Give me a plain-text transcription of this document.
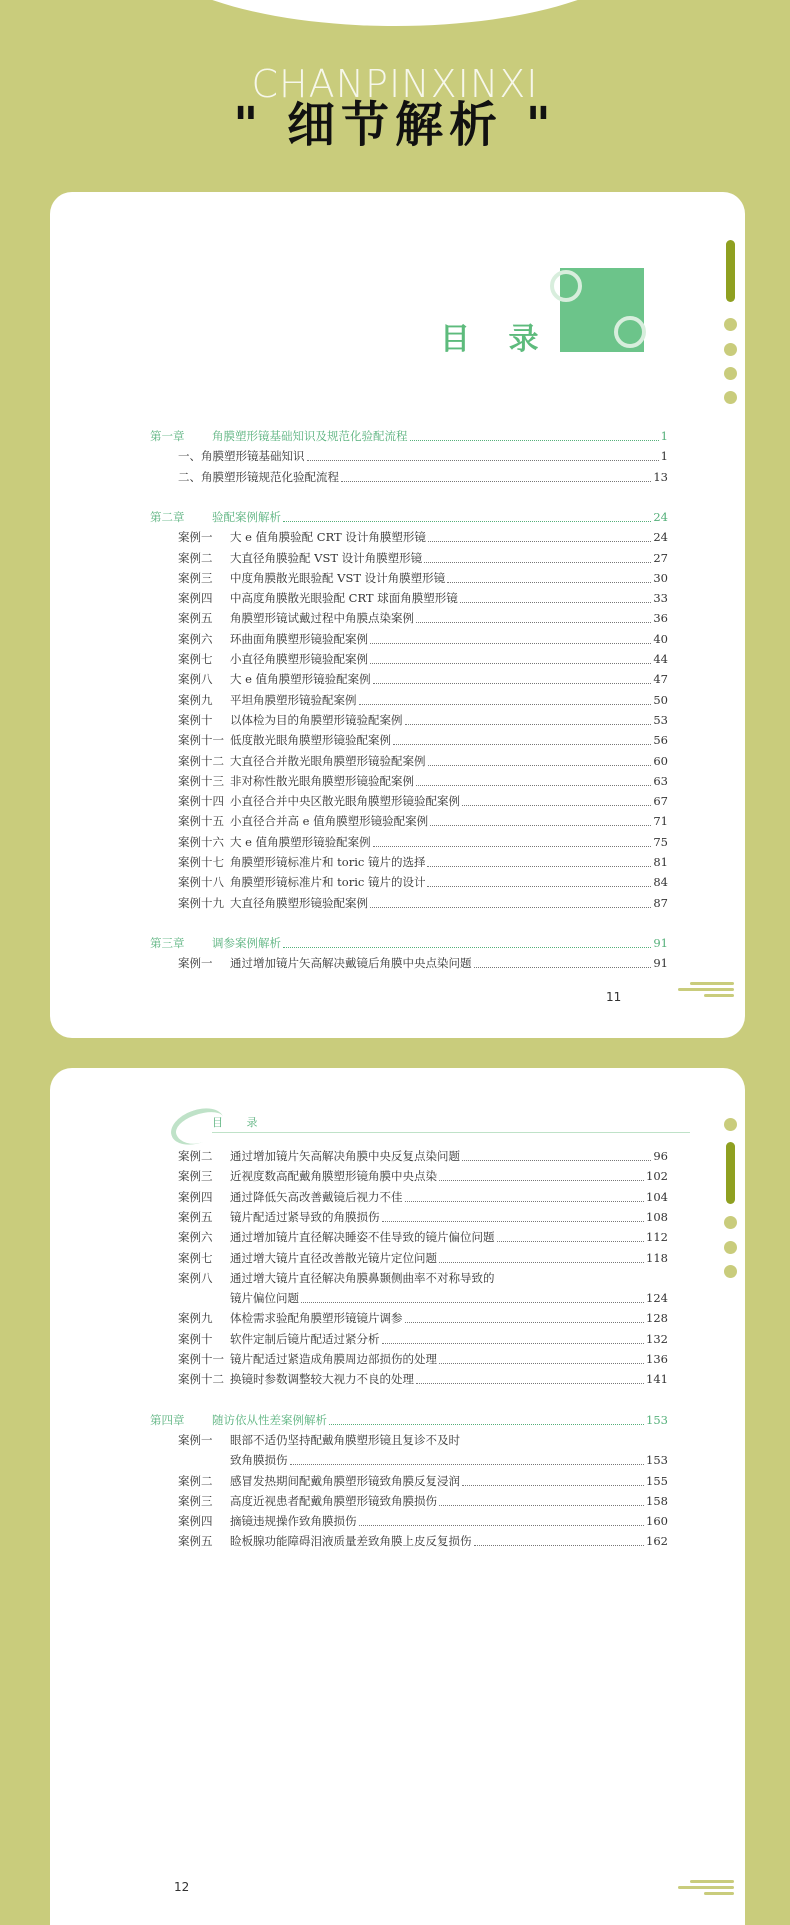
CHANPINXINXI
" 细节解析 "
目 录
第一章 角膜塑形镜基础知识及规范化验配流程	1
一、角膜塑形镜基础知识	1
二、角膜塑形镜规范化验配流程	13
第二章 验配案例解析	24
案例一 大 e 值角膜验配 CRT 设计角膜塑形镜	24
案例二 大直径角膜验配 VST 设计角膜塑形镜	27
案例三 中度角膜散光眼验配 VST 设计角膜塑形镜	30
案例四 中高度角膜散光眼验配 CRT 球面角膜塑形镜	33
案例五 角膜塑形镜试戴过程中角膜点染案例	36
案例六 环曲面角膜塑形镜验配案例	40
案例七 小直径角膜塑形镜验配案例	44
案例八 大 e 值角膜塑形镜验配案例	47
案例九 平坦角膜塑形镜验配案例	50
案例十 以体检为目的角膜塑形镜验配案例	53
案例十一 低度散光眼角膜塑形镜验配案例	56
案例十二 大直径合并散光眼角膜塑形镜验配案例	60
案例十三 非对称性散光眼角膜塑形镜验配案例	63
案例十四 小直径合并中央区散光眼角膜塑形镜验配案例	67
案例十五 小直径合并高 e 值角膜塑形镜验配案例	71
案例十六 大 e 值角膜塑形镜验配案例	75
案例十七 角膜塑形镜标准片和 toric 镜片的选择	81
案例十八 角膜塑形镜标准片和 toric 镜片的设计	84
案例十九 大直径角膜塑形镜验配案例	87
第三章 调参案例解析	91
案例一 通过增加镜片矢高解决戴镜后角膜中央点染问题	91
11
目 录
案例二 通过增加镜片矢高解决角膜中央反复点染问题	96
案例三 近视度数高配戴角膜塑形镜角膜中央点染	102
案例四 通过降低矢高改善戴镜后视力不佳	104
案例五 镜片配适过紧导致的角膜损伤	108
案例六 通过增加镜片直径解决睡姿不佳导致的镜片偏位问题	112
案例七 通过增大镜片直径改善散光镜片定位问题	118
案例八 通过增大镜片直径解决角膜鼻颞侧曲率不对称导致的
镜片偏位问题	124
案例九 体检需求验配角膜塑形镜镜片调参	128
案例十 软件定制后镜片配适过紧分析	132
案例十一 镜片配适过紧造成角膜周边部损伤的处理	136
案例十二 换镜时参数调整较大视力不良的处理	141
第四章 随访依从性差案例解析	153
案例一 眼部不适仍坚持配戴角膜塑形镜且复诊不及时
致角膜损伤	153
案例二 感冒发热期间配戴角膜塑形镜致角膜反复浸润	155
案例三 高度近视患者配戴角膜塑形镜致角膜损伤	158
案例四 摘镜违规操作致角膜损伤	160
案例五 睑板腺功能障碍泪液质量差致角膜上皮反复损伤	162
12
